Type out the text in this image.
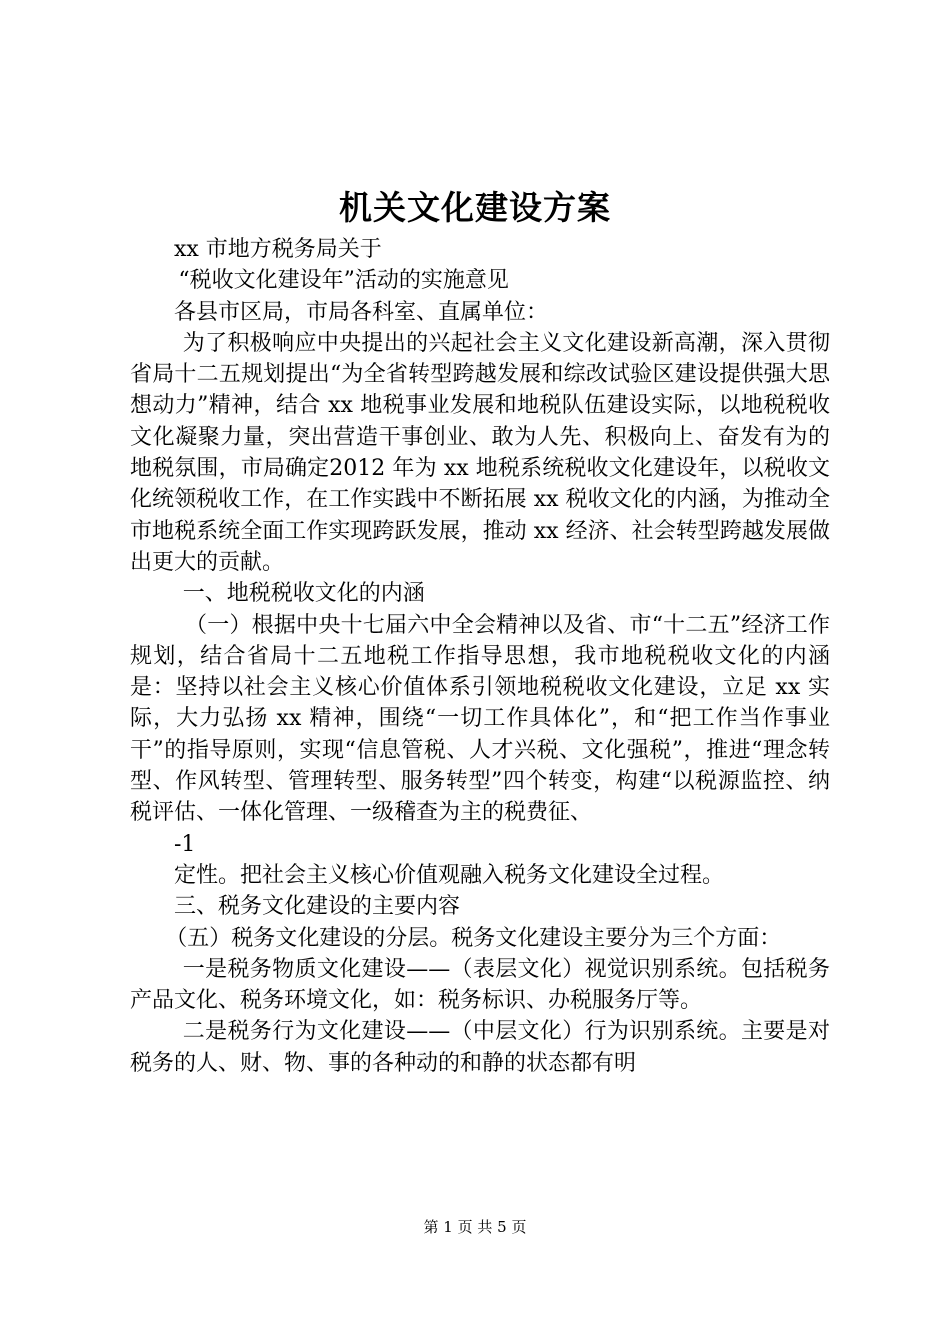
机关文化建设方案

xx 市地方税务局关于

“税收文化建设年”活动的实施意见

各县市区局，市局各科室、直属单位：

为了积极响应中央提出的兴起社会主义文化建设新高潮，深入贯彻省局十二五规划提出“为全省转型跨越发展和综改试验区建设提供强大思想动力”精神，结合 xx 地税事业发展和地税队伍建设实际，以地税税收文化凝聚力量，突出营造干事创业、敢为人先、积极向上、奋发有为的地税氛围，市局确定2012 年为 xx 地税系统税收文化建设年，以税收文化统领税收工作，在工作实践中不断拓展 xx 税收文化的内涵，为推动全市地税系统全面工作实现跨跃发展，推动 xx 经济、社会转型跨越发展做出更大的贡献。

一、地税税收文化的内涵

（一）根据中央十七届六中全会精神以及省、市“十二五”经济工作规划，结合省局十二五地税工作指导思想，我市地税税收文化的内涵是：坚持以社会主义核心价值体系引领地税税收文化建设，立足 xx 实际，大力弘扬 xx 精神，围绕“一切工作具体化”，和“把工作当作事业干”的指导原则，实现“信息管税、人才兴税、文化强税”，推进“理念转型、作风转型、管理转型、服务转型”四个转变，构建“以税源监控、纳税评估、一体化管理、一级稽查为主的税费征、

-1

定性。把社会主义核心价值观融入税务文化建设全过程。

三、税务文化建设的主要内容

（五）税务文化建设的分层。税务文化建设主要分为三个方面：

一是税务物质文化建设——（表层文化）视觉识别系统。包括税务产品文化、税务环境文化，如：税务标识、办税服务厅等。

二是税务行为文化建设——（中层文化）行为识别系统。主要是对税务的人、财、物、事的各种动的和静的状态都有明

第 1 页 共 5 页
